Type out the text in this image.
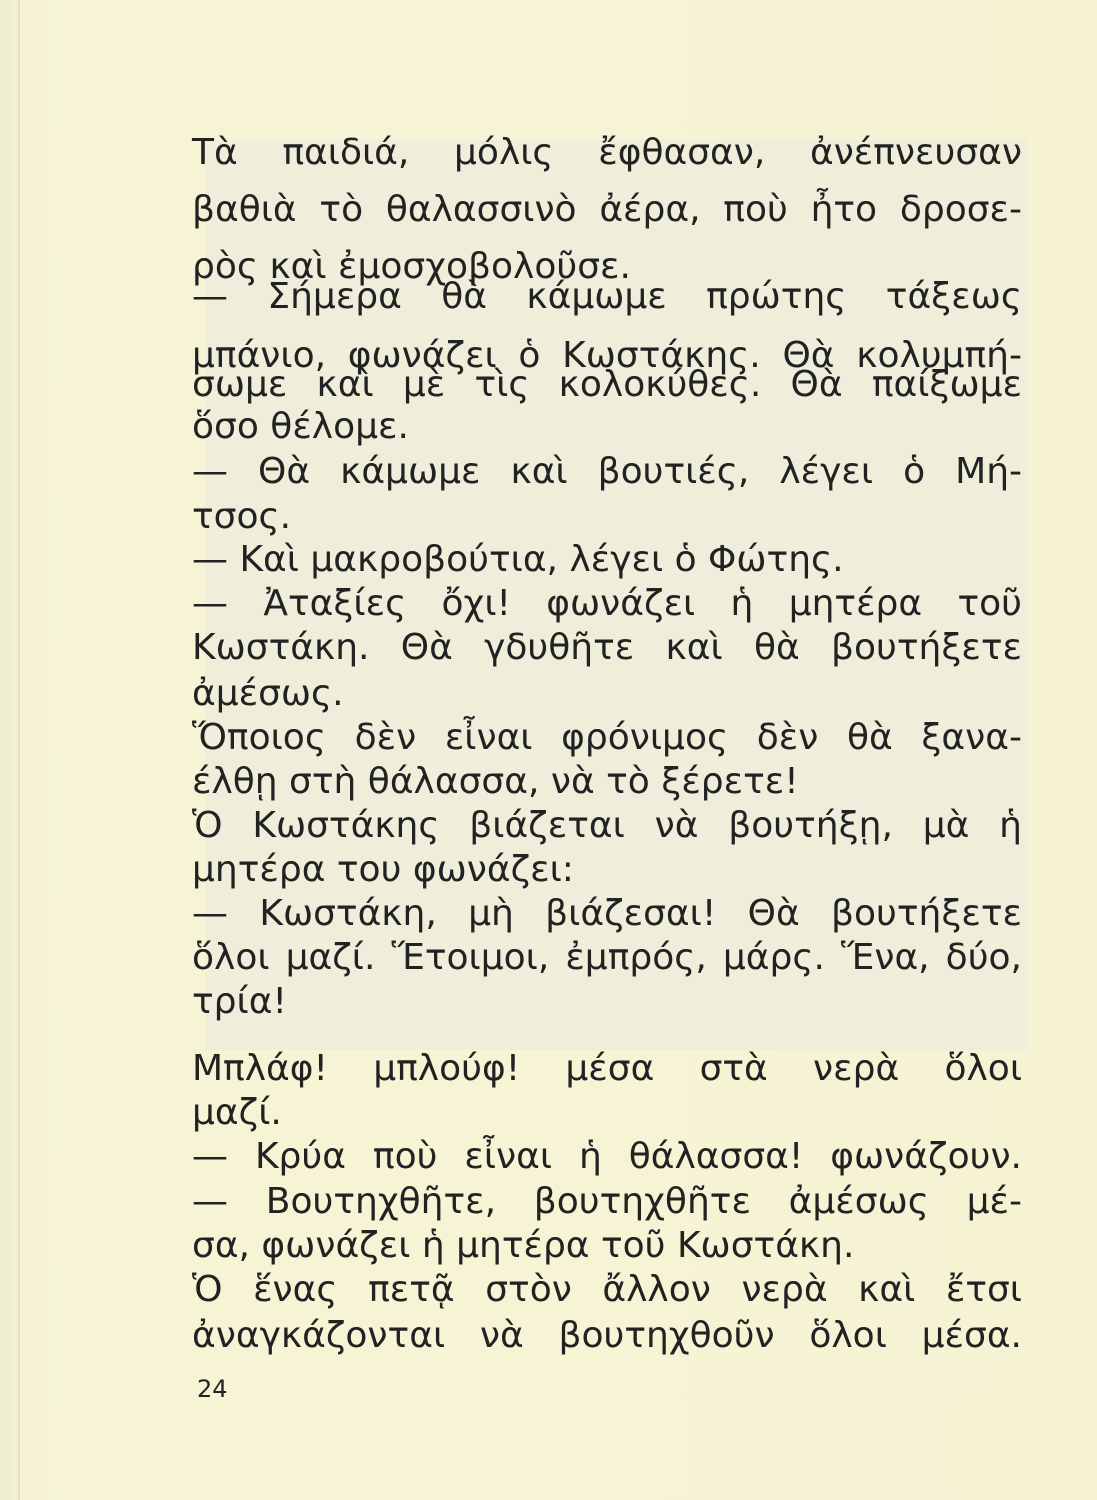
Τὰ παιδιά, μόλις ἔφθασαν, ἀνέπνευσαν
βαθιὰ τὸ θαλασσινὸ ἀέρα, ποὺ ἦτο δροσε-
ρὸς καὶ ἐμοσχοβολοῦσε.
— Σήμερα θὰ κάμωμε πρώτης τάξεως
μπάνιο, φωνάζει ὁ Κωστάκης. Θὰ κολυμπή-
σωμε καὶ μὲ τὶς κολοκύθες. Θὰ παίξωμε
ὅσο θέλομε.
— Θὰ κάμωμε καὶ βουτιές, λέγει ὁ Μή-
τσος.
— Καὶ μακροβούτια, λέγει ὁ Φώτης.
— Ἀταξίες ὄχι! φωνάζει ἡ μητέρα τοῦ
Κωστάκη. Θὰ γδυθῆτε καὶ θὰ βουτήξετε
ἀμέσως.
Ὅποιος δὲν εἶναι φρόνιμος δὲν θὰ ξανα-
έλθῃ στὴ θάλασσα, νὰ τὸ ξέρετε!
Ὁ Κωστάκης βιάζεται νὰ βουτήξῃ, μὰ ἡ
μητέρα του φωνάζει:
— Κωστάκη, μὴ βιάζεσαι! Θὰ βουτήξετε
ὅλοι μαζί. Ἕτοιμοι, ἐμπρός, μάρς. Ἕνα, δύο,
τρία!
Μπλάφ! μπλούφ! μέσα στὰ νερὰ ὅλοι
μαζί.
— Κρύα ποὺ εἶναι ἡ θάλασσα! φωνάζουν.
— Βουτηχθῆτε, βουτηχθῆτε ἀμέσως μέ-
σα, φωνάζει ἡ μητέρα τοῦ Κωστάκη.
Ὁ ἕνας πετᾷ στὸν ἄλλον νερὰ καὶ ἔτσι
ἀναγκάζονται νὰ βουτηχθοῦν ὅλοι μέσα.
24
